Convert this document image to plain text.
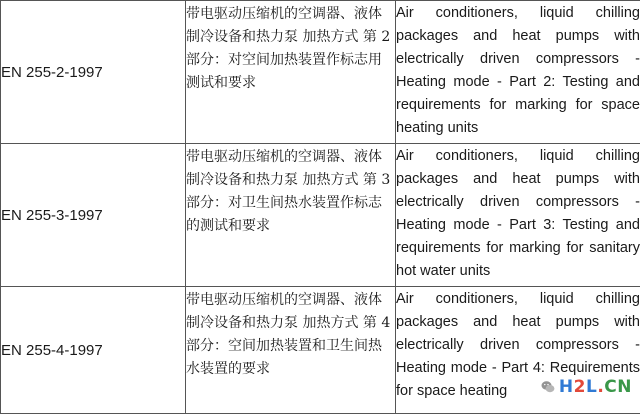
EN 255-2-1997	带电驱动压缩机的空调器、液体制冷设备和热力泵 加热方式 第 2 部分：对空间加热装置作标志用测试和要求	Air conditioners, liquid chilling packages and heat pumps with electrically driven compressors - Heating mode - Part 2: Testing and requirements for marking for space heating units
EN 255-3-1997	带电驱动压缩机的空调器、液体制冷设备和热力泵 加热方式 第 3 部分：对卫生间热水装置作标志的测试和要求	Air conditioners, liquid chilling packages and heat pumps with electrically driven compressors - Heating mode - Part 3: Testing and requirements for marking for sanitary hot water units
EN 255-4-1997	带电驱动压缩机的空调器、液体制冷设备和热力泵 加热方式 第 4 部分：空间加热装置和卫生间热水装置的要求	Air conditioners, liquid chilling packages and heat pumps with electrically driven compressors - Heating mode - Part 4: Requirements for space heating	H2L.CN
